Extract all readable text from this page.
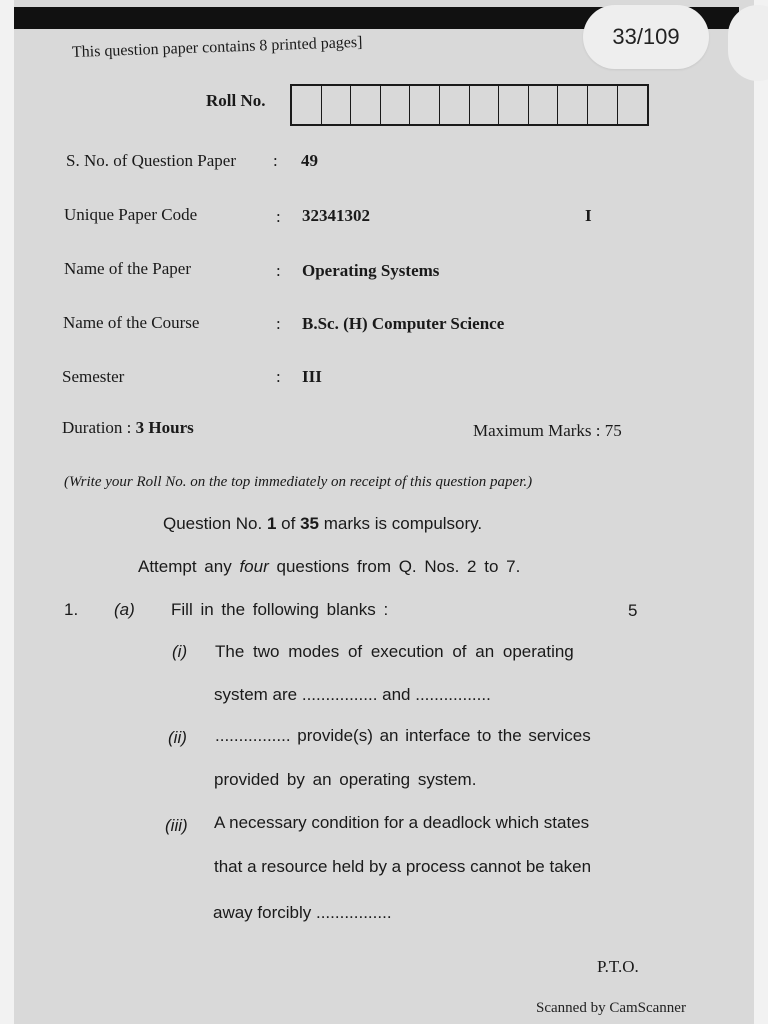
33/109
This question paper contains 8 printed pages]
Roll No.
S. No. of Question Paper : 49
Unique Paper Code	: 32341302	I
Name of the Paper	: Operating Systems
Name of the Course	: B.Sc. (H) Computer Science
Semester	: III
Duration : 3 Hours	Maximum Marks : 75
(Write your Roll No. on the top immediately on receipt of this question paper.)
Question No. 1 of 35 marks is compulsory.
Attempt any four questions from Q. Nos. 2 to 7.
1. (a) Fill in the following blanks :	5
(i) The two modes of execution of an operating
system are ................ and ................
(ii) ................ provide(s) an interface to the services
provided by an operating system.
(iii) A necessary condition for a deadlock which states
that a resource held by a process cannot be taken
away forcibly ................
P.T.O.
Scanned by CamScanner
